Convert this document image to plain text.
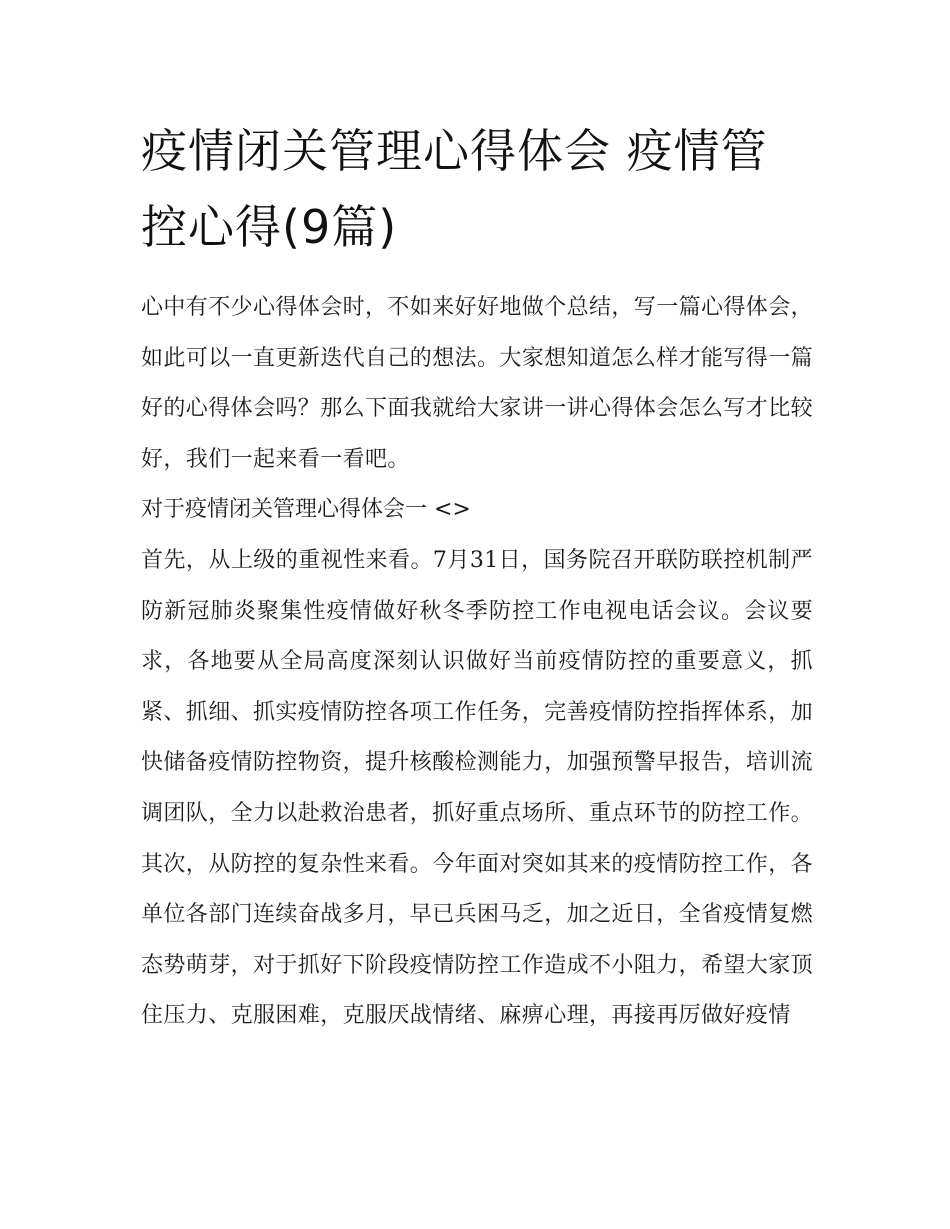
疫情闭关管理心得体会 疫情管控心得(9篇)

心中有不少心得体会时，不如来好好地做个总结，写一篇心得体会，如此可以一直更新迭代自己的想法。大家想知道怎么样才能写得一篇好的心得体会吗？那么下面我就给大家讲一讲心得体会怎么写才比较好，我们一起来看一看吧。

对于疫情闭关管理心得体会一 <>

首先，从上级的重视性来看。7月31日，国务院召开联防联控机制严防新冠肺炎聚集性疫情做好秋冬季防控工作电视电话会议。会议要求，各地要从全局高度深刻认识做好当前疫情防控的重要意义，抓紧、抓细、抓实疫情防控各项工作任务，完善疫情防控指挥体系，加快储备疫情防控物资，提升核酸检测能力，加强预警早报告，培训流调团队，全力以赴救治患者，抓好重点场所、重点环节的防控工作。其次，从防控的复杂性来看。今年面对突如其来的疫情防控工作，各单位各部门连续奋战多月，早已兵困马乏，加之近日，全省疫情复燃态势萌芽，对于抓好下阶段疫情防控工作造成不小阻力，希望大家顶住压力、克服困难，克服厌战情绪、麻痹心理，再接再厉做好疫情
